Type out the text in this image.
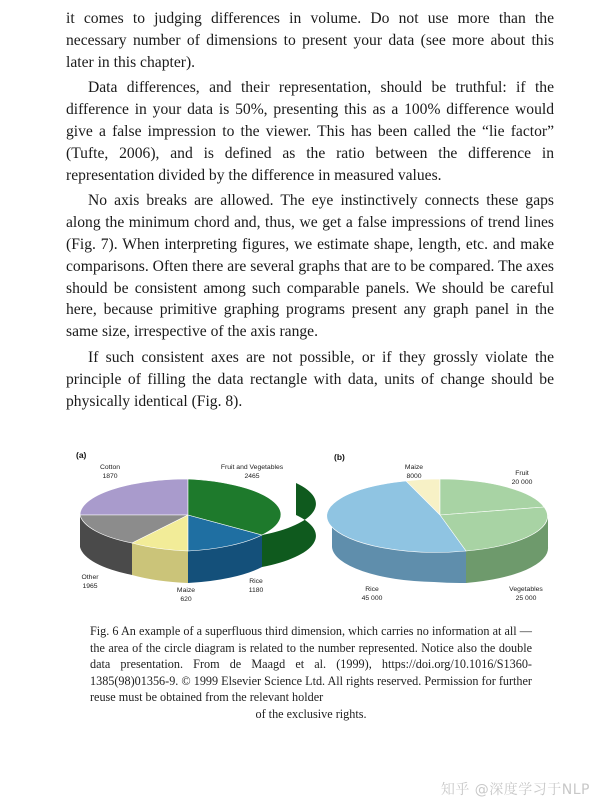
it comes to judging differences in volume. Do not use more than the necessary number of dimensions to present your data (see more about this later in this chapter).

Data differences, and their representation, should be truthful: if the difference in your data is 50%, presenting this as a 100% difference would give a false impression to the viewer. This has been called the “lie factor” (Tufte, 2006), and is defined as the ratio between the difference in representation divided by the difference in measured values.

No axis breaks are allowed. The eye instinctively connects these gaps along the minimum chord and, thus, we get a false impressions of trend lines (Fig. 7). When interpreting figures, we estimate shape, length, etc. and make comparisons. Often there are several graphs that are to be compared. The axes should be consistent among such comparable panels. We should be careful here, because primitive graphing programs present any graph panel in the same size, irrespective of the axis range.

If such consistent axes are not possible, or if they grossly violate the principle of filling the data rectangle with data, units of change should be physically identical (Fig. 8).

(a)
Cotton
1870
Fruit and Vegetables
2465
Rice
1180
Maize
620
Other
1965
(b)
Maize
8000	Fruit
20 000
Vegetables
25 000
Rice
45 000
Fig. 6 An example of a superfluous third dimension, which carries no information at all — the area of the circle diagram is related to the number represented. Notice also the double data presentation. From de Maagd et al. (1999), https://doi.org/10.1016/S1360-1385(98)01356-9. © 1999 Elsevier Science Ltd. All rights reserved. Permission for further reuse must be obtained from the relevant holder
of the exclusive rights.
知乎 @深度学习于NLP
